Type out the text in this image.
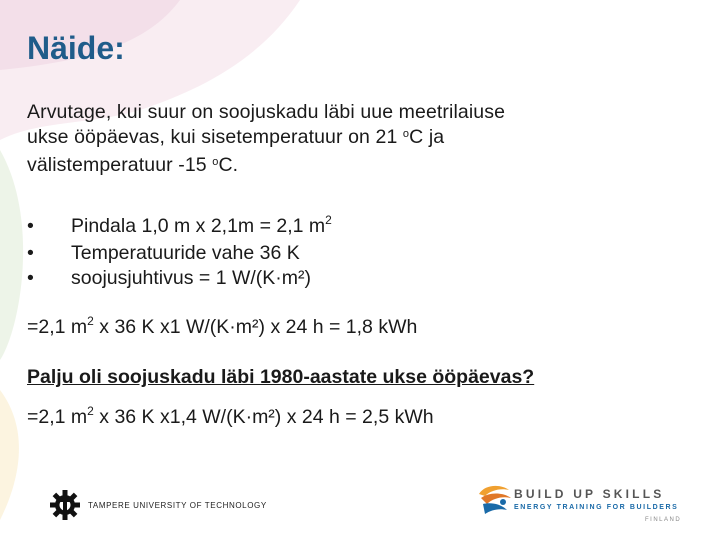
Näide:
Arvutage, kui suur on soojuskadu läbi uue meetrilaiuse
ukse ööpäevas, kui sisetemperatuur on 21 $^o$C ja
välistemperatuur -15 $^o$C.
•	Pindala 1,0 m x 2,1m = 2,1 $m^2$
•	Temperatuuride vahe 36 K
•	soojusjuhtivus = 1 W/(K·m²)
=2,1 $m^2$ x 36 K x1 W/(K·m²) x 24 h = 1,8 kWh
Palju oli soojuskadu läbi 1980-aastate ukse ööpäevas?
=2,1 $m^2$ x 36 K x1,4 W/(K·m²) x 24 h = 2,5 kWh
TAMPERE UNIVERSITY OF TECHNOLOGY
BUILD UP SKILLS
ENERGY TRAINING FOR BUILDERS
FINLAND
